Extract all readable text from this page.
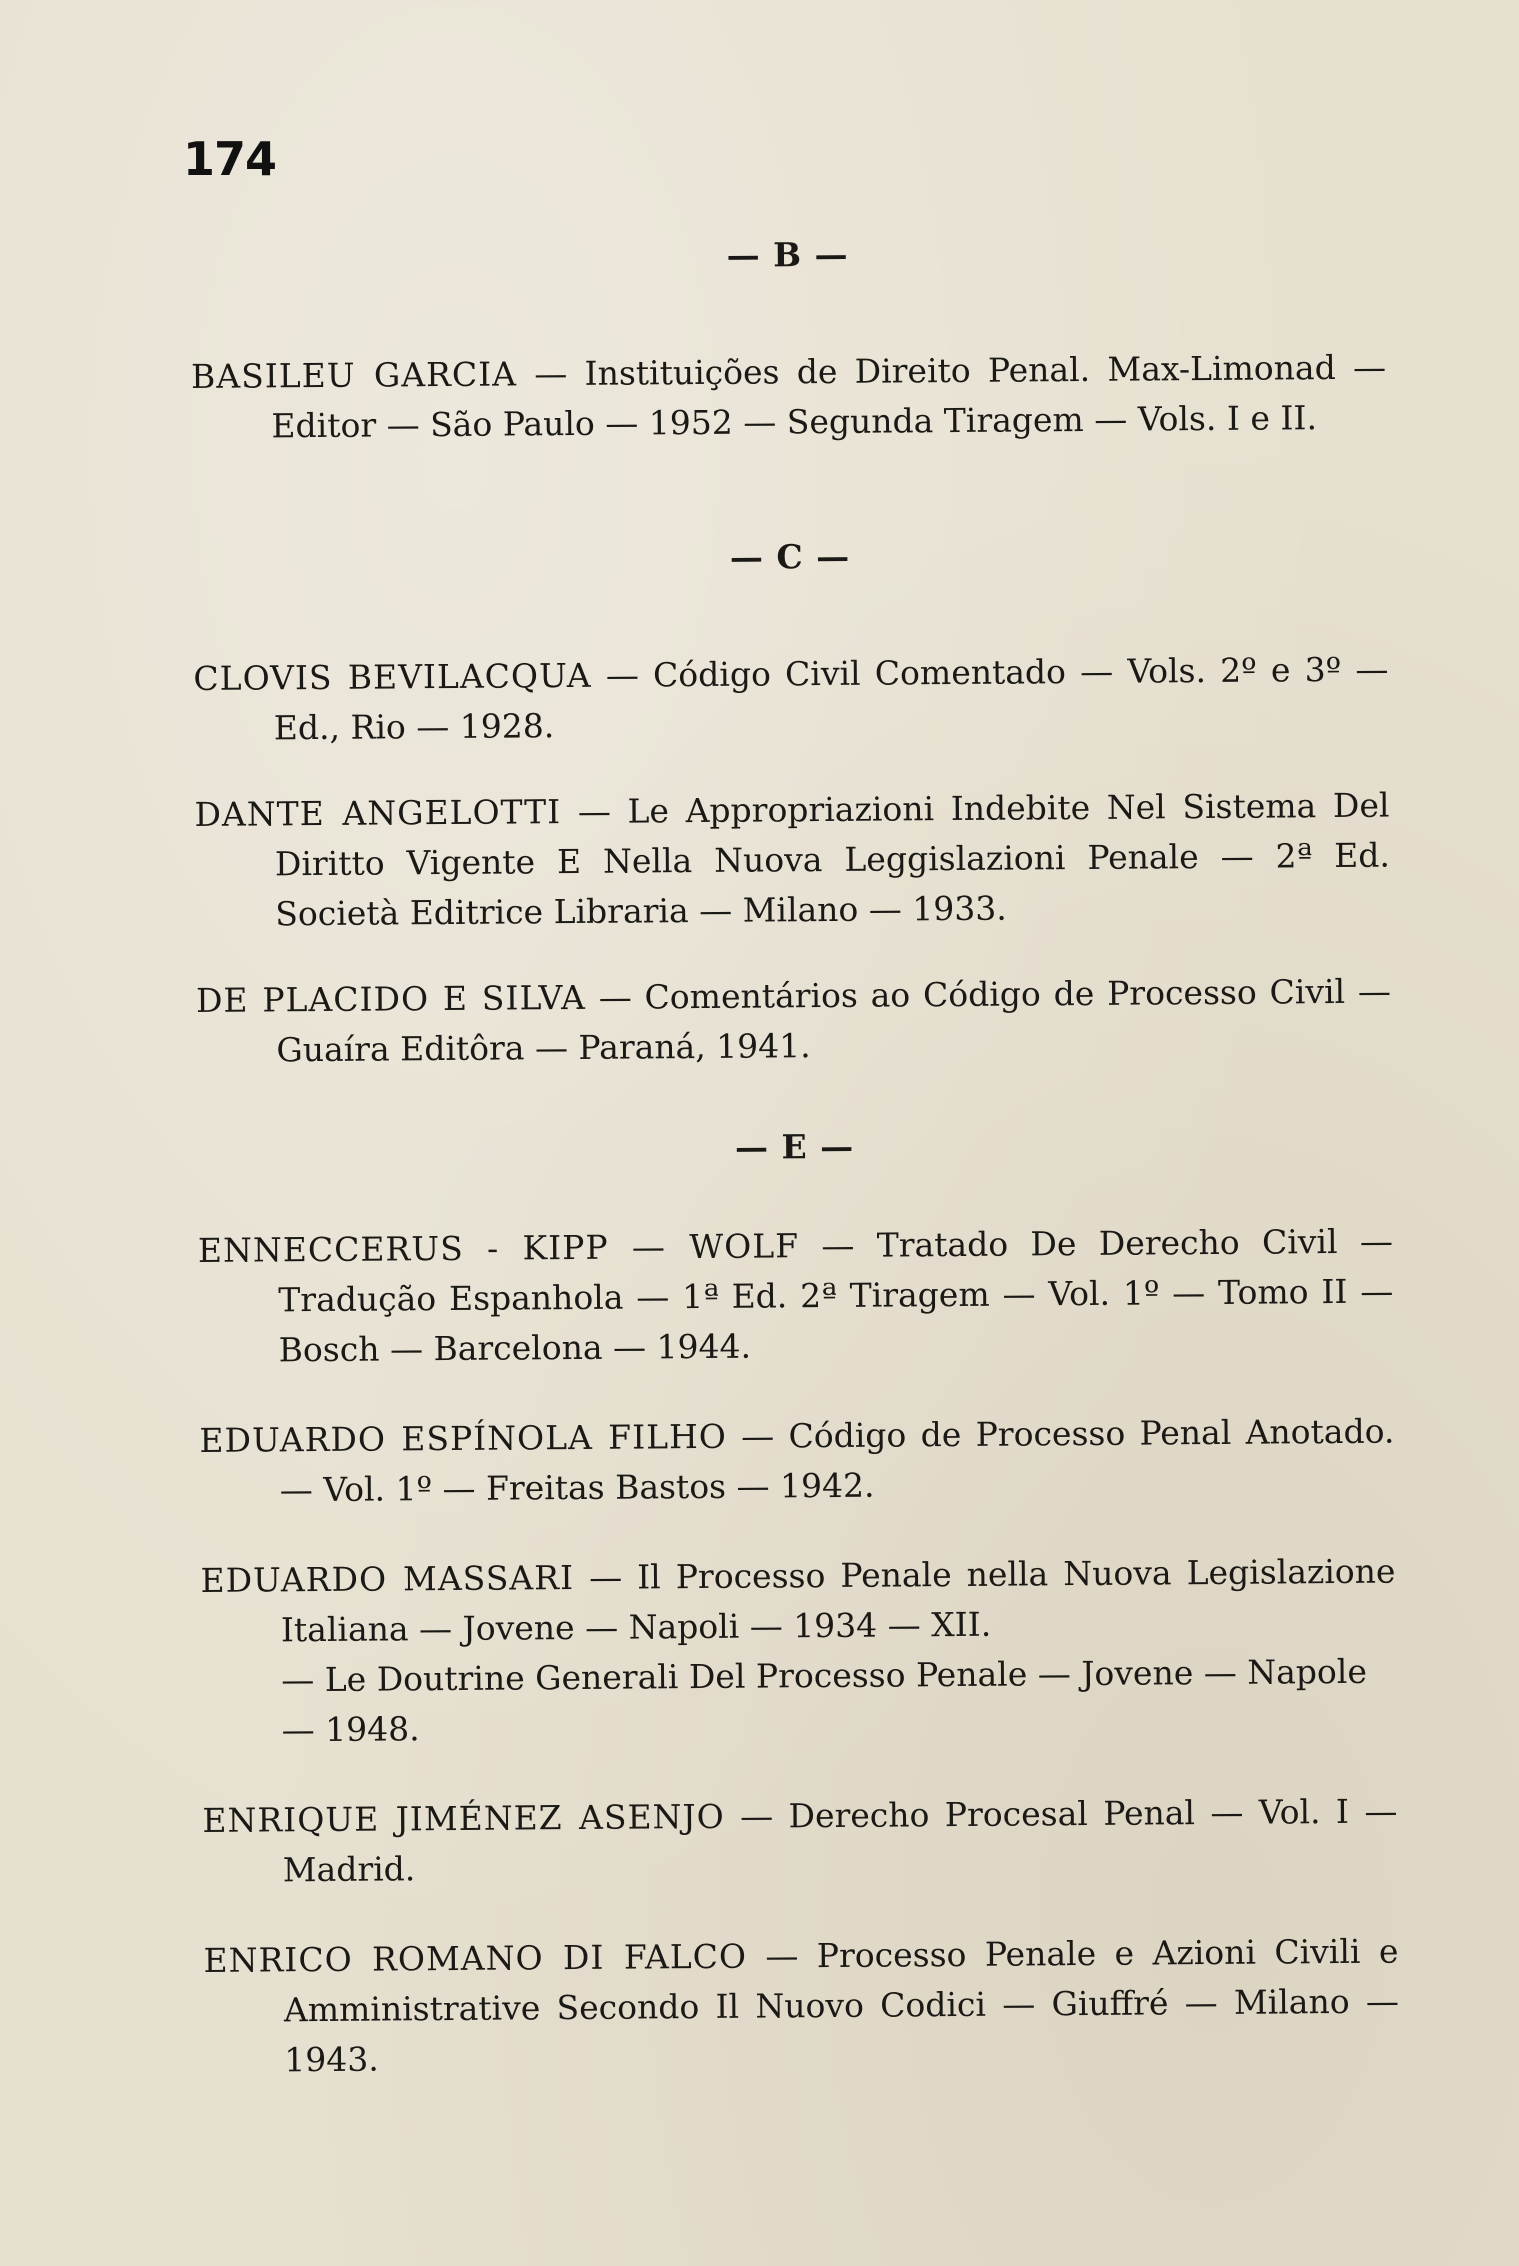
174
— B —

BASILEU GARCIA — Instituições de Direito Penal. Max-Limonad — Editor — São Paulo — 1952 — Segunda Tiragem — Vols. I e II.

— C —

CLOVIS BEVILACQUA — Código Civil Comentado — Vols. 2º e 3º — Ed., Rio — 1928.

DANTE ANGELOTTI — Le Appropriazioni Indebite Nel Sistema Del Diritto Vigente E Nella Nuova Leggislazioni Penale — 2ª Ed. Società Editrice Libraria — Milano — 1933.

DE PLACIDO E SILVA — Comentários ao Código de Processo Civil — Guaíra Editôra — Paraná, 1941.

— E —

ENNECCERUS - KIPP — WOLF — Tratado De Derecho Civil — Tradução Espanhola — 1ª Ed. 2ª Tiragem — Vol. 1º — Tomo II — Bosch — Barcelona — 1944.

EDUARDO ESPÍNOLA FILHO — Código de Processo Penal Anotado. — Vol. 1º — Freitas Bastos — 1942.

EDUARDO MASSARI — Il Processo Penale nella Nuova Legislazione Italiana — Jovene — Napoli — 1934 — XII.

— Le Doutrine Generali Del Processo Penale — Jovene — Napole — 1948.

ENRIQUE JIMÉNEZ ASENJO — Derecho Procesal Penal — Vol. I — Madrid.

ENRICO ROMANO DI FALCO — Processo Penale e Azioni Civili e Amministrative Secondo Il Nuovo Codici — Giuffré — Milano — 1943.
